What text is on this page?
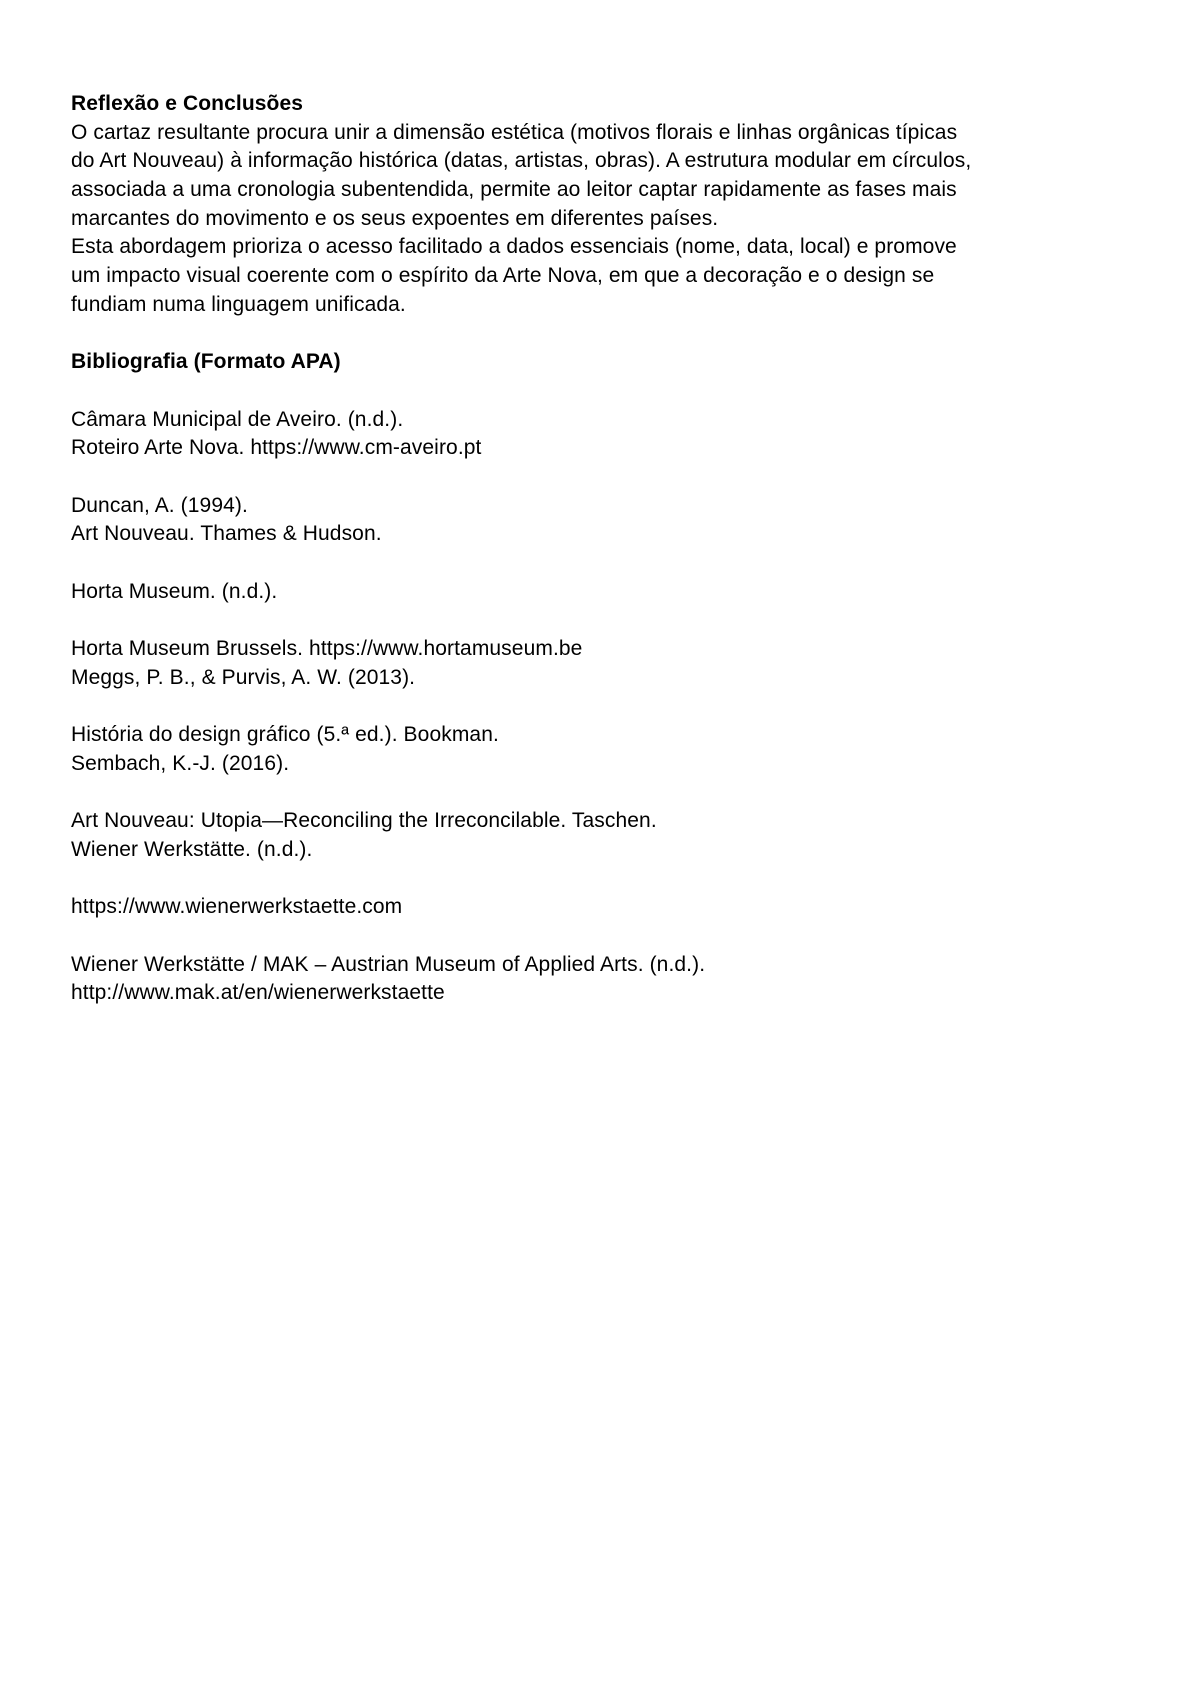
Reflexão e Conclusões
O cartaz resultante procura unir a dimensão estética (motivos florais e linhas orgânicas típicas
do Art Nouveau) à informação histórica (datas, artistas, obras). A estrutura modular em círculos,
associada a uma cronologia subentendida, permite ao leitor captar rapidamente as fases mais
marcantes do movimento e os seus expoentes em diferentes países.
Esta abordagem prioriza o acesso facilitado a dados essenciais (nome, data, local) e promove
um impacto visual coerente com o espírito da Arte Nova, em que a decoração e o design se
fundiam numa linguagem unificada.
Bibliografia (Formato APA)
Câmara Municipal de Aveiro. (n.d.).
Roteiro Arte Nova. https://www.cm-aveiro.pt
Duncan, A. (1994).
Art Nouveau. Thames & Hudson.
Horta Museum. (n.d.).
Horta Museum Brussels. https://www.hortamuseum.be
Meggs, P. B., & Purvis, A. W. (2013).
História do design gráfico (5.ª ed.). Bookman.
Sembach, K.-J. (2016).
Art Nouveau: Utopia—Reconciling the Irreconcilable. Taschen.
Wiener Werkstätte. (n.d.).
https://www.wienerwerkstaette.com
Wiener Werkstätte / MAK – Austrian Museum of Applied Arts. (n.d.).
http://www.mak.at/en/wienerwerkstaette
